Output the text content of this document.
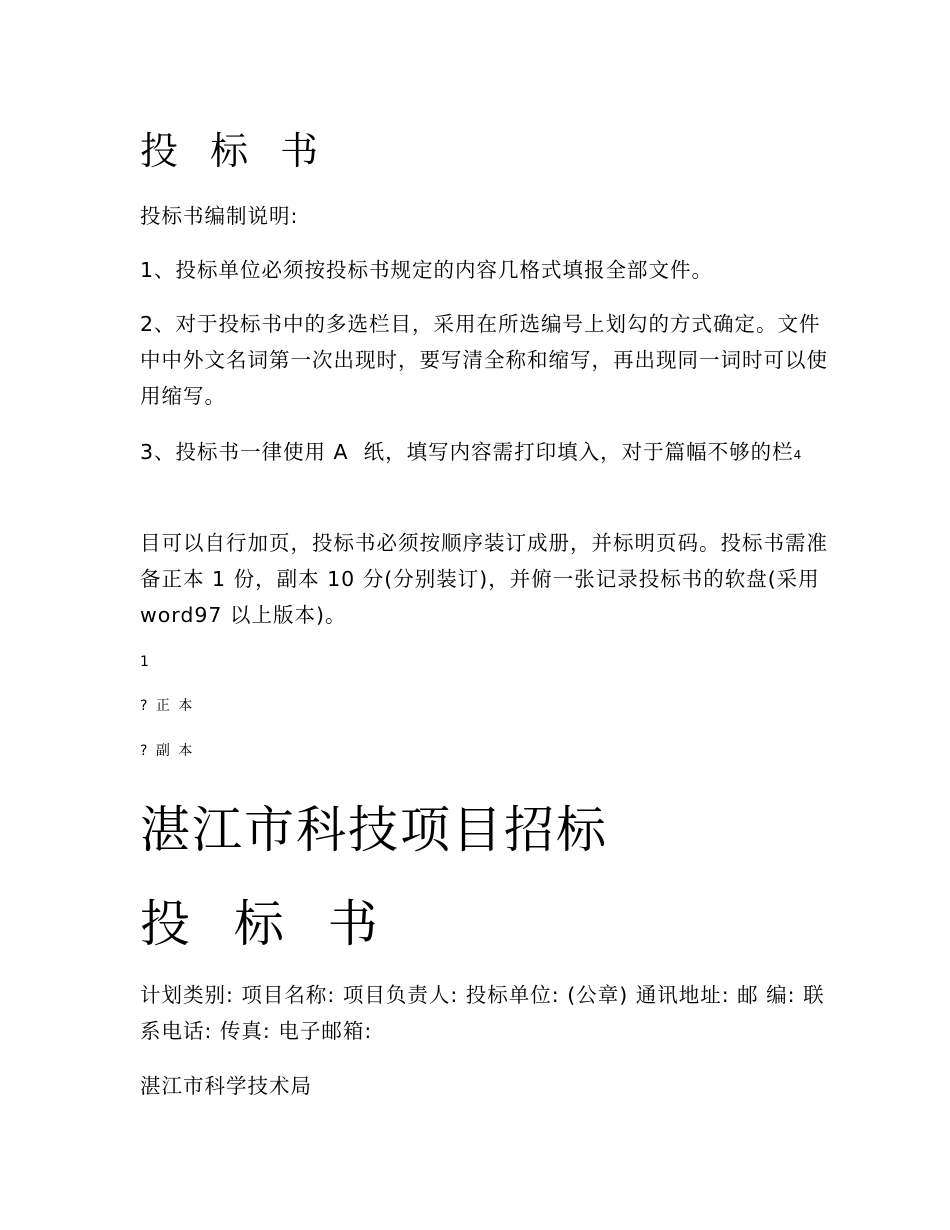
投 标 书
投标书编制说明:
1、投标单位必须按投标书规定的内容几格式填报全部文件。
2、对于投标书中的多选栏目，采用在所选编号上划勾的方式确定。文件中中外文名词第一次出现时，要写清全称和缩写，再出现同一词时可以使用缩写。
3、投标书一律使用 A  纸，填写内容需打印填入，对于篇幅不够的栏4
目可以自行加页，投标书必须按顺序装订成册，并标明页码。投标书需准备正本 1 份，副本 10 分(分别装订)，并俯一张记录投标书的软盘(采用 word97 以上版本)。
1
? 正 本
? 副 本
湛江市科技项目招标
投 标 书
计划类别: 项目名称: 项目负责人: 投标单位: (公章) 通讯地址: 邮 编: 联系电话: 传真: 电子邮箱:
湛江市科学技术局
